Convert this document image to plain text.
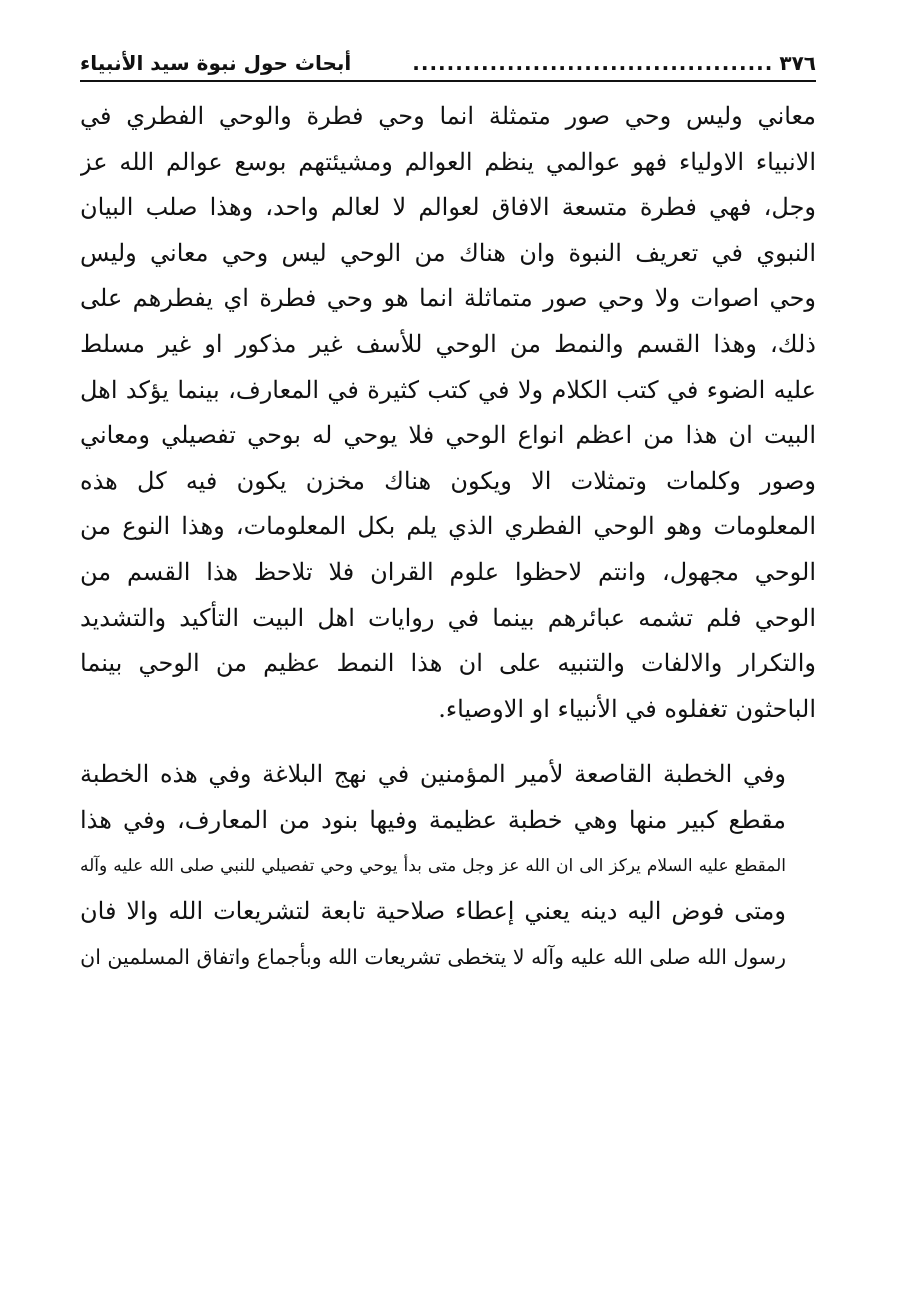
٣٧٦
..........................................
أبحاث حول نبوة سيد الأنبياء

معاني وليس وحي صور متمثلة انما وحي فطرة والوحي الفطري في
الانبياء الاولياء فهو عوالمي ينظم العوالم ومشيئتهم بوسع عوالم الله عز
وجل، فهي فطرة متسعة الافاق لعوالم لا لعالم واحد، وهذا صلب البيان
النبوي في تعريف النبوة وان هناك من الوحي ليس وحي معاني وليس
وحي اصوات ولا وحي صور متماثلة انما هو وحي فطرة اي يفطرهم على
ذلك، وهذا القسم والنمط من الوحي للأسف غير مذكور او غير مسلط
عليه الضوء في كتب الكلام ولا في كتب كثيرة في المعارف، بينما يؤكد اهل
البيت ان هذا من اعظم انواع الوحي فلا يوحي له بوحي تفصيلي ومعاني
وصور وكلمات وتمثلات الا ويكون هناك مخزن يكون فيه كل هذه
المعلومات وهو الوحي الفطري الذي يلم بكل المعلومات، وهذا النوع من
الوحي مجهول، وانتم لاحظوا علوم القران فلا تلاحظ هذا القسم من
الوحي فلم تشمه عبائرهم بينما في روايات اهل البيت التأكيد والتشديد
والتكرار والالفات والتنبيه على ان هذا النمط عظيم من الوحي بينما
الباحثون تغفلوه في الأنبياء او الاوصياء.

وفي الخطبة القاصعة لأمير المؤمنين في نهج البلاغة وفي هذه الخطبة
مقطع كبير منها وهي خطبة عظيمة وفيها بنود من المعارف، وفي هذا
المقطع عليه السلام يركز الى ان الله عز وجل متى بدأ يوحي وحي تفصيلي للنبي صلى الله عليه وآله
ومتى فوض اليه دينه يعني إعطاء صلاحية تابعة لتشريعات الله والا فان
رسول الله صلى الله عليه وآله لا يتخطى تشريعات الله وبأجماع واتفاق المسلمين ان
